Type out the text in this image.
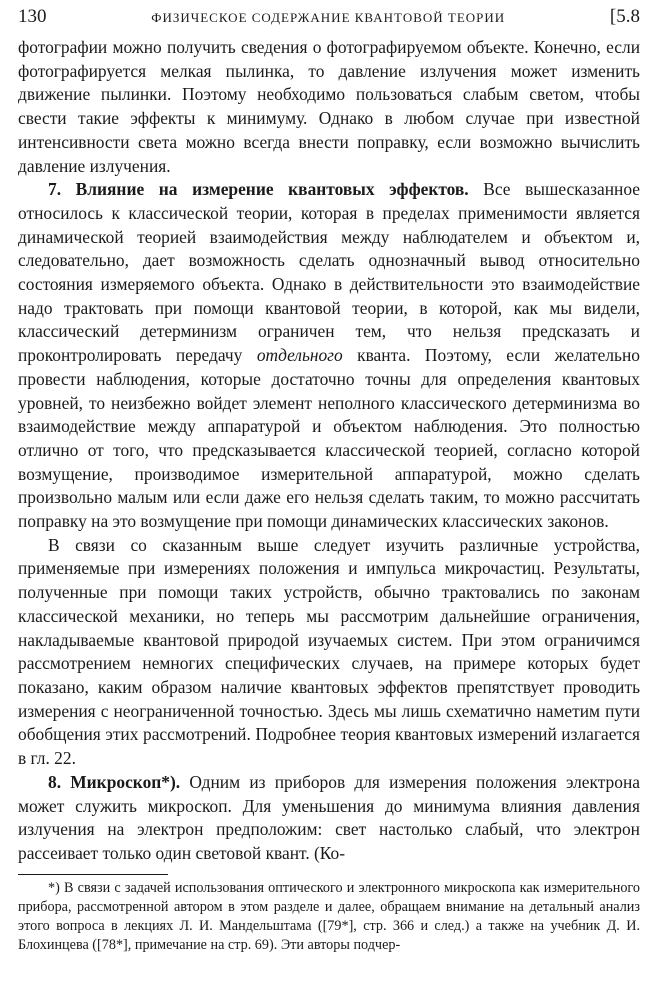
130	ФИЗИЧЕСКОЕ СОДЕРЖАНИЕ КВАНТОВОЙ ТЕОРИИ	[5.8

фотографии можно получить сведения о фотографируемом объекте. Конечно, если фотографируется мелкая пылинка, то давление излучения может изменить движение пылинки. Поэтому необходимо пользоваться слабым светом, чтобы свести такие эффекты к минимуму. Однако в любом случае при известной интенсивности света можно всегда внести поправку, если возможно вычислить давление излучения.

7. Влияние на измерение квантовых эффектов. Все вышесказанное относилось к классической теории, которая в пределах применимости является динамической теорией взаимодействия между наблюдателем и объектом и, следовательно, дает возможность сделать однозначный вывод относительно состояния измеряемого объекта. Однако в действительности это взаимодействие надо трактовать при помощи квантовой теории, в которой, как мы видели, классический детерминизм ограничен тем, что нельзя предсказать и проконтролировать передачу отдельного кванта. Поэтому, если желательно провести наблюдения, которые достаточно точны для определения квантовых уровней, то неизбежно войдет элемент неполного классического детерминизма во взаимодействие между аппаратурой и объектом наблюдения. Это полностью отлично от того, что предсказывается классической теорией, согласно которой возмущение, производимое измерительной аппаратурой, можно сделать произвольно малым или если даже его нельзя сделать таким, то можно рассчитать поправку на это возмущение при помощи динамических классических законов.

В связи со сказанным выше следует изучить различные устройства, применяемые при измерениях положения и импульса микрочастиц. Результаты, полученные при помощи таких устройств, обычно трактовались по законам классической механики, но теперь мы рассмотрим дальнейшие ограничения, накладываемые квантовой природой изучаемых систем. При этом ограничимся рассмотрением немногих специфических случаев, на примере которых будет показано, каким образом наличие квантовых эффектов препятствует проводить измерения с неограниченной точностью. Здесь мы лишь схематично наметим пути обобщения этих рассмотрений. Подробнее теория квантовых измерений излагается в гл. 22.

8. Микроскоп*). Одним из приборов для измерения положения электрона может служить микроскоп. Для уменьшения до минимума влияния давления излучения на электрон предположим: свет настолько слабый, что электрон рассеивает только один световой квант. (Ко-

*) В связи с задачей использования оптического и электронного микроскопа как измерительного прибора, рассмотренной автором в этом разделе и далее, обращаем внимание на детальный анализ этого вопроса в лекциях Л. И. Мандельштама ([79*], стр. 366 и след.) а также на учебник Д. И. Блохинцева ([78*], примечание на стр. 69). Эти авторы подчер-
